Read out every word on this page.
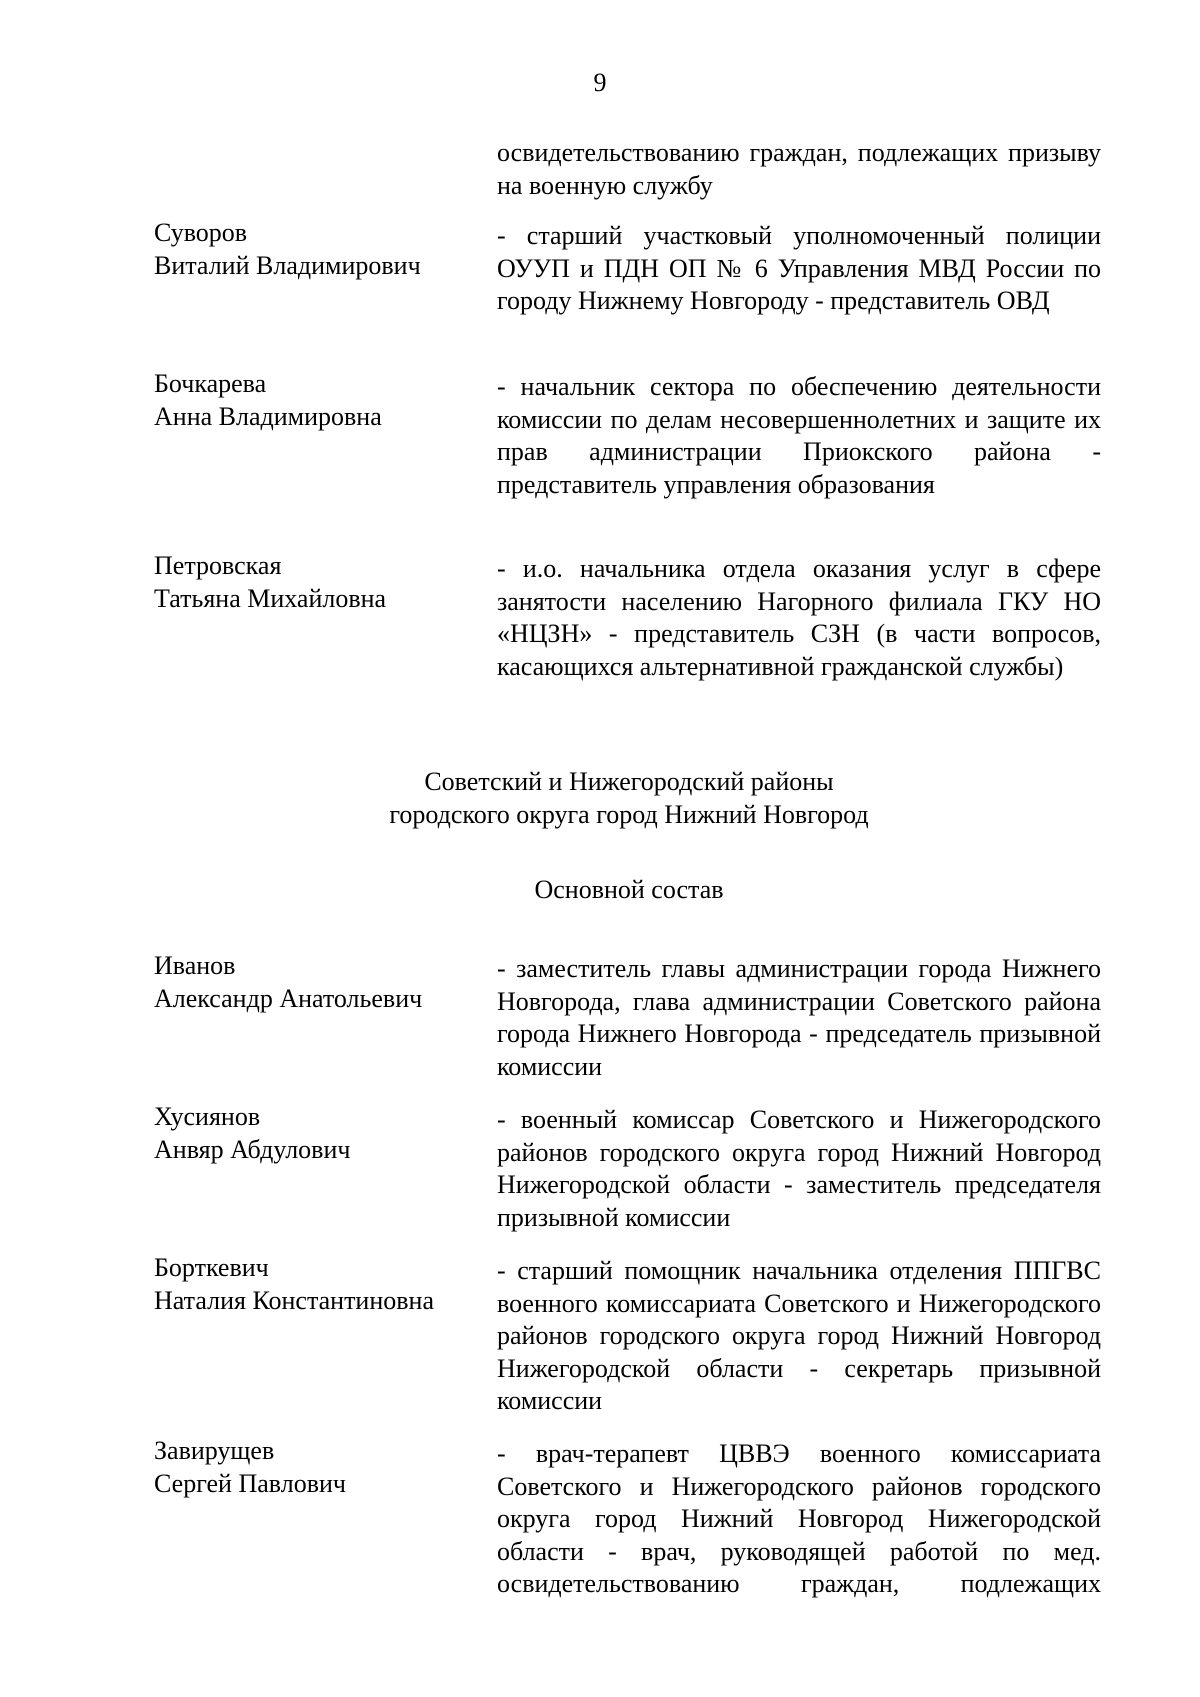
9
освидетельствованию граждан, подлежащих призыву на военную службу
Суворов
Виталий Владимирович
- старший участковый уполномоченный полиции ОУУП и ПДН ОП № 6 Управления МВД России по городу Нижнему Новгороду - представитель ОВД
Бочкарева
Анна Владимировна
- начальник сектора по обеспечению деятельности комиссии по делам несовершеннолетних и защите их прав администрации Приокского района - представитель управления образования
Петровская
Татьяна Михайловна
- и.о. начальника отдела оказания услуг в сфере занятости населению Нагорного филиала ГКУ НО «НЦЗН» - представитель СЗН (в части вопросов, касающихся альтернативной гражданской службы)
Советский и Нижегородский районы
городского округа город Нижний Новгород
Основной состав
Иванов
Александр Анатольевич
- заместитель главы администрации города Нижнего Новгорода, глава администрации Советского района города Нижнего Новгорода - председатель призывной комиссии
Хусиянов
Анвяр Абдулович
- военный комиссар Советского и Нижегородского районов городского округа город Нижний Новгород Нижегородской области - заместитель председателя призывной комиссии
Борткевич
Наталия Константиновна
- старший помощник начальника отделения ППГВС военного комиссариата Советского и Нижегородского районов городского округа город Нижний Новгород Нижегородской области - секретарь призывной комиссии
Завирущев
Сергей Павлович
- врач-терапевт ЦВВЭ военного комиссариата Советского и Нижегородского районов городского округа город Нижний Новгород Нижегородской области - врач, руководящей работой по мед. освидетельствованию граждан, подлежащих
